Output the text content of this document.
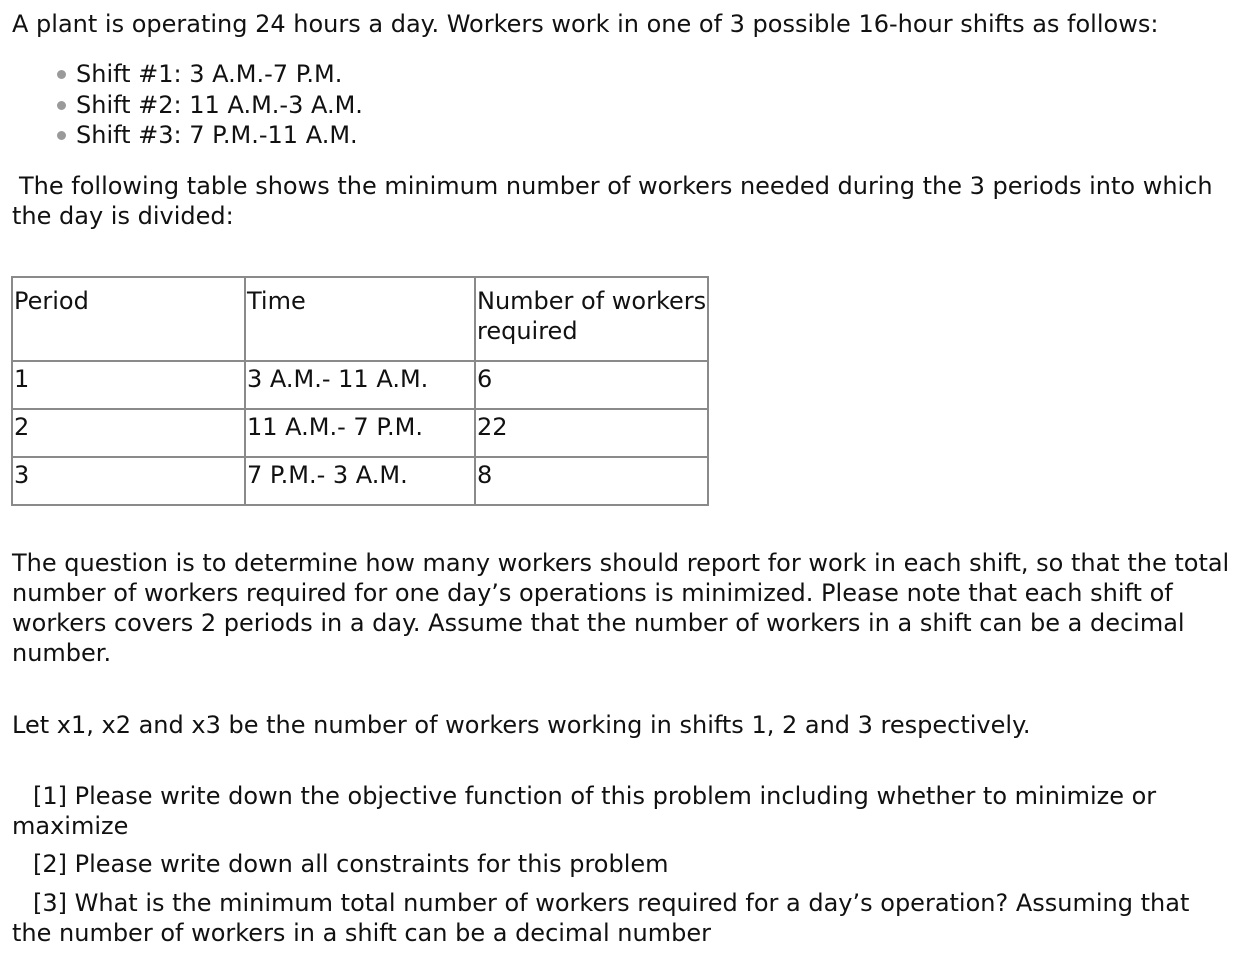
A plant is operating 24 hours a day. Workers work in one of 3 possible 16-hour shifts as follows:

Shift #1: 3 A.M.-7 P.M.
Shift #2: 11 A.M.-3 A.M.
Shift #3: 7 P.M.-11 A.M.

The following table shows the minimum number of workers needed during the 3 periods into which the day is divided:

Period	Time	Number of workers required
1	3 A.M.- 11 A.M.	6
2	11 A.M.- 7 P.M.	22
3	7 P.M.- 3 A.M.	8

The question is to determine how many workers should report for work in each shift, so that the total number of workers required for one day’s operations is minimized. Please note that each shift of workers covers 2 periods in a day. Assume that the number of workers in a shift can be a decimal number.

Let x1, x2 and x3 be the number of workers working in shifts 1, 2 and 3 respectively.

[1] Please write down the objective function of this problem including whether to minimize or maximize

[2] Please write down all constraints for this problem

[3] What is the minimum total number of workers required for a day’s operation? Assuming that the number of workers in a shift can be a decimal number
